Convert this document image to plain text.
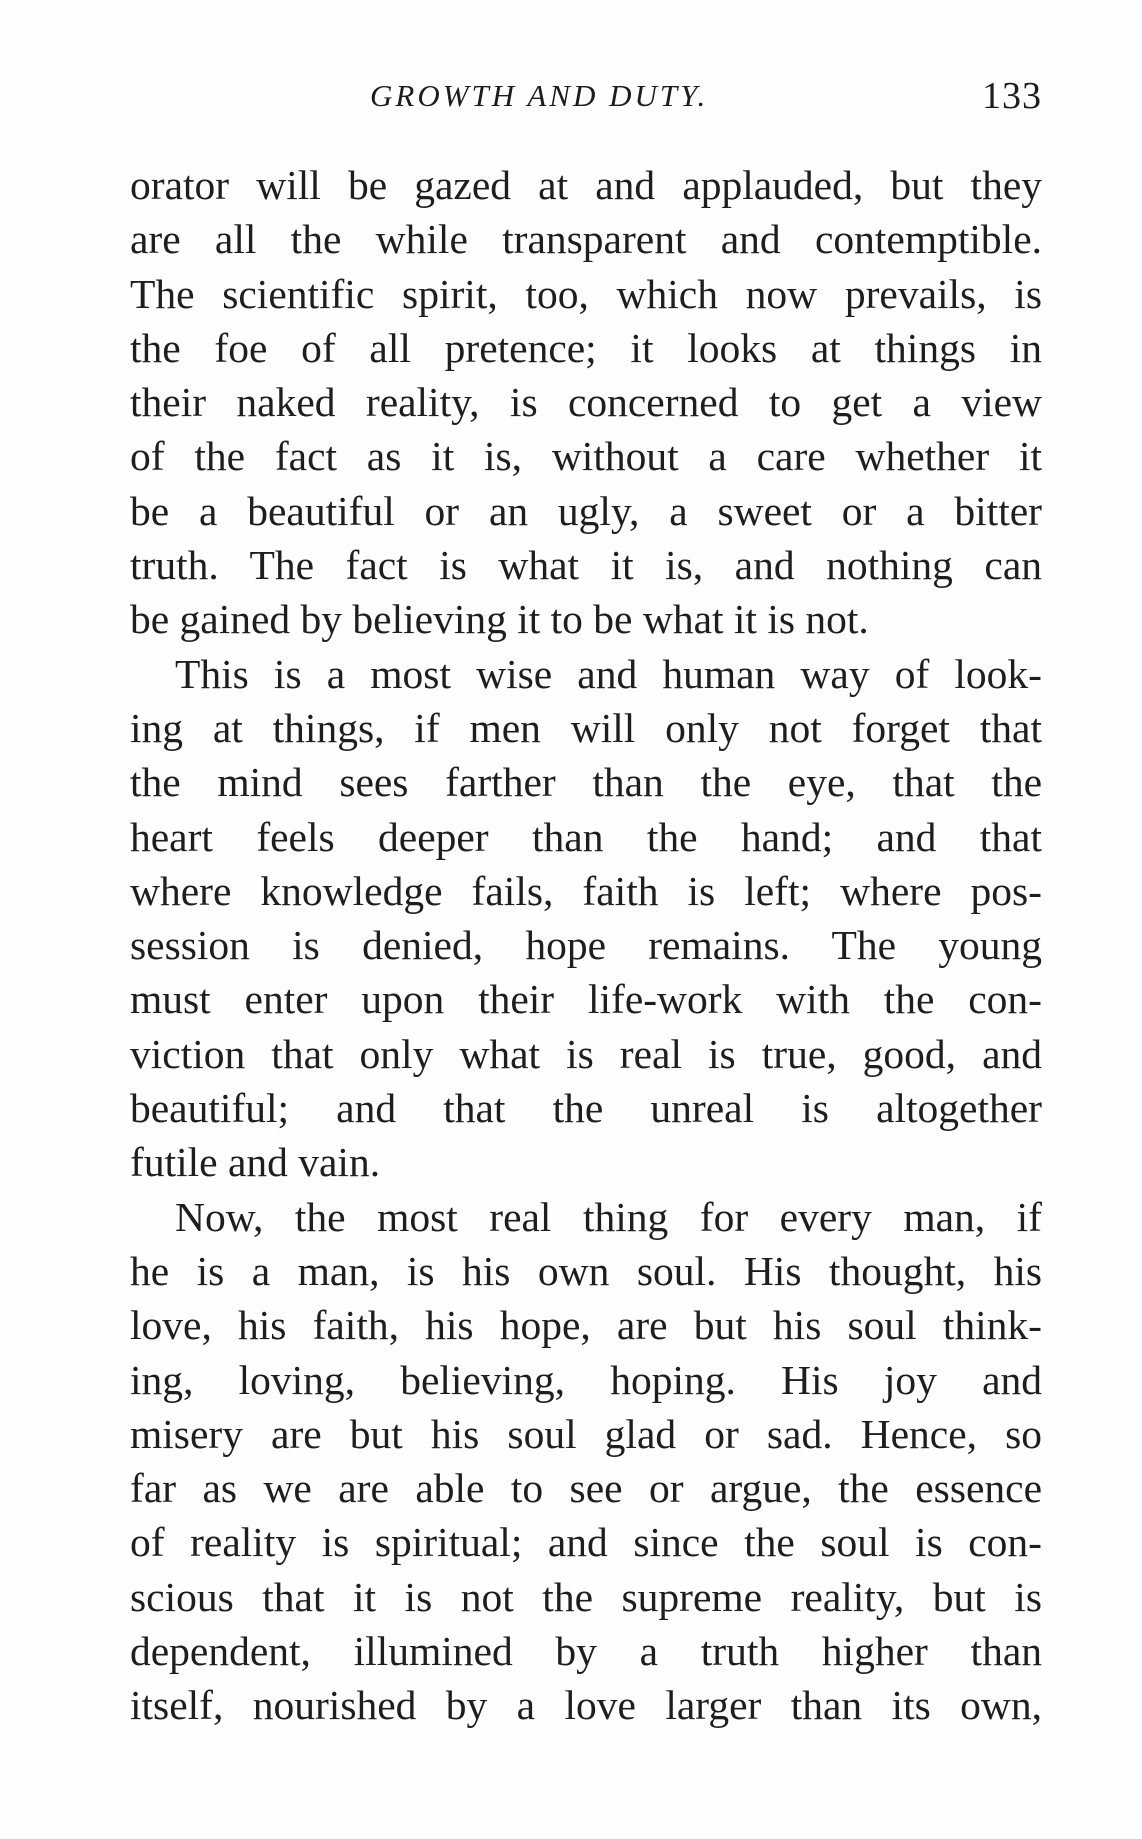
GROWTH AND DUTY.	133
orator will be gazed at and applauded, but they
are all the while transparent and contemptible.
The scientific spirit, too, which now prevails, is
the foe of all pretence; it looks at things in
their naked reality, is concerned to get a view
of the fact as it is, without a care whether it
be a beautiful or an ugly, a sweet or a bitter
truth. The fact is what it is, and nothing can
be gained by believing it to be what it is not.
This is a most wise and human way of look-
ing at things, if men will only not forget that
the mind sees farther than the eye, that the
heart feels deeper than the hand; and that
where knowledge fails, faith is left; where pos-
session is denied, hope remains. The young
must enter upon their life-work with the con-
viction that only what is real is true, good, and
beautiful; and that the unreal is altogether
futile and vain.
Now, the most real thing for every man, if
he is a man, is his own soul. His thought, his
love, his faith, his hope, are but his soul think-
ing, loving, believing, hoping. His joy and
misery are but his soul glad or sad. Hence, so
far as we are able to see or argue, the essence
of reality is spiritual; and since the soul is con-
scious that it is not the supreme reality, but is
dependent, illumined by a truth higher than
itself, nourished by a love larger than its own,
